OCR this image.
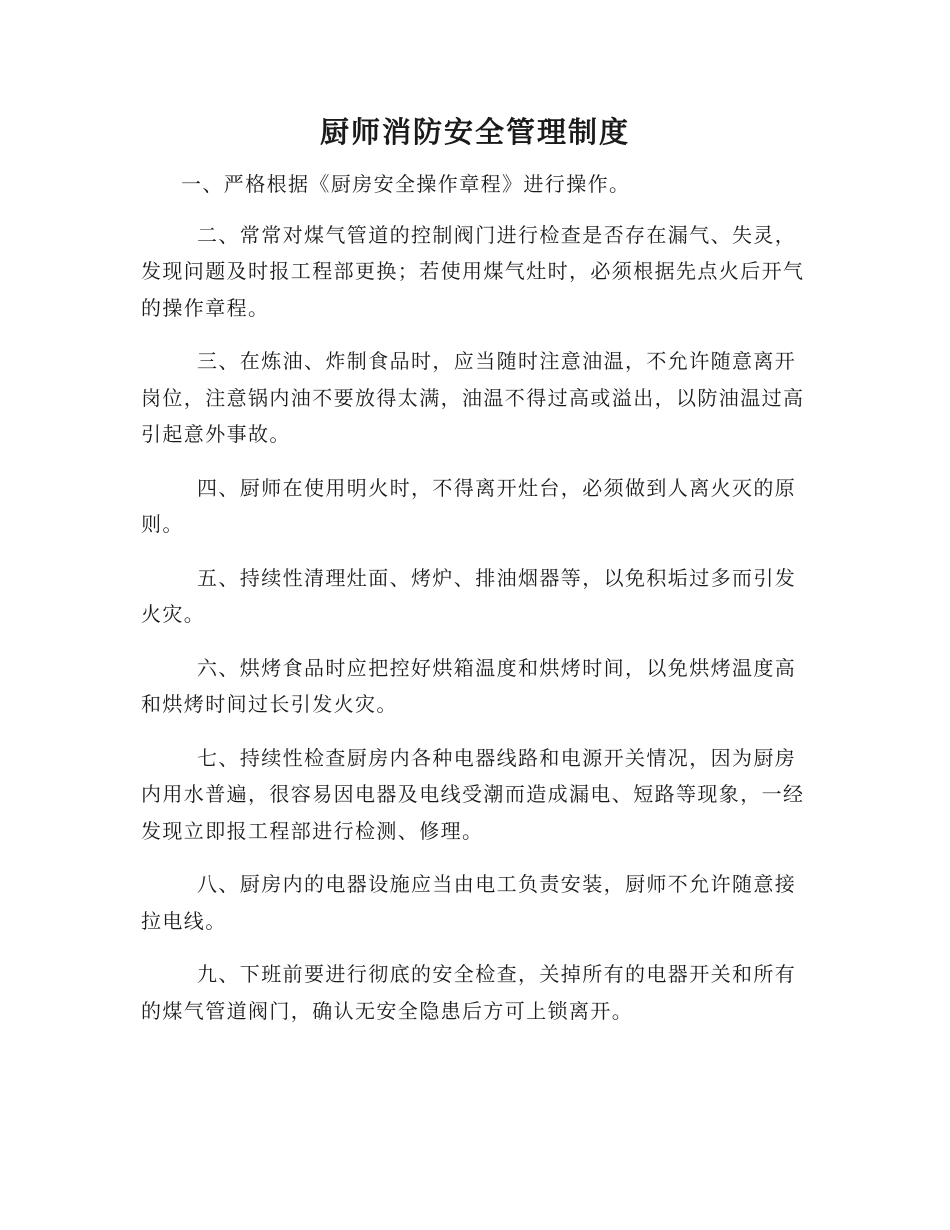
厨师消防安全管理制度

一、严格根据《厨房安全操作章程》进行操作。

二、常常对煤气管道的控制阀门进行检查是否存在漏气、失灵，发现问题及时报工程部更换；若使用煤气灶时，必须根据先点火后开气的操作章程。

三、在炼油、炸制食品时，应当随时注意油温，不允许随意离开岗位，注意锅内油不要放得太满，油温不得过高或溢出，以防油温过高引起意外事故。

四、厨师在使用明火时，不得离开灶台，必须做到人离火灭的原则。

五、持续性清理灶面、烤炉、排油烟器等，以免积垢过多而引发火灾。

六、烘烤食品时应把控好烘箱温度和烘烤时间，以免烘烤温度高和烘烤时间过长引发火灾。

七、持续性检查厨房内各种电器线路和电源开关情况，因为厨房内用水普遍，很容易因电器及电线受潮而造成漏电、短路等现象，一经发现立即报工程部进行检测、修理。

八、厨房内的电器设施应当由电工负责安装，厨师不允许随意接拉电线。

九、下班前要进行彻底的安全检查，关掉所有的电器开关和所有的煤气管道阀门，确认无安全隐患后方可上锁离开。
